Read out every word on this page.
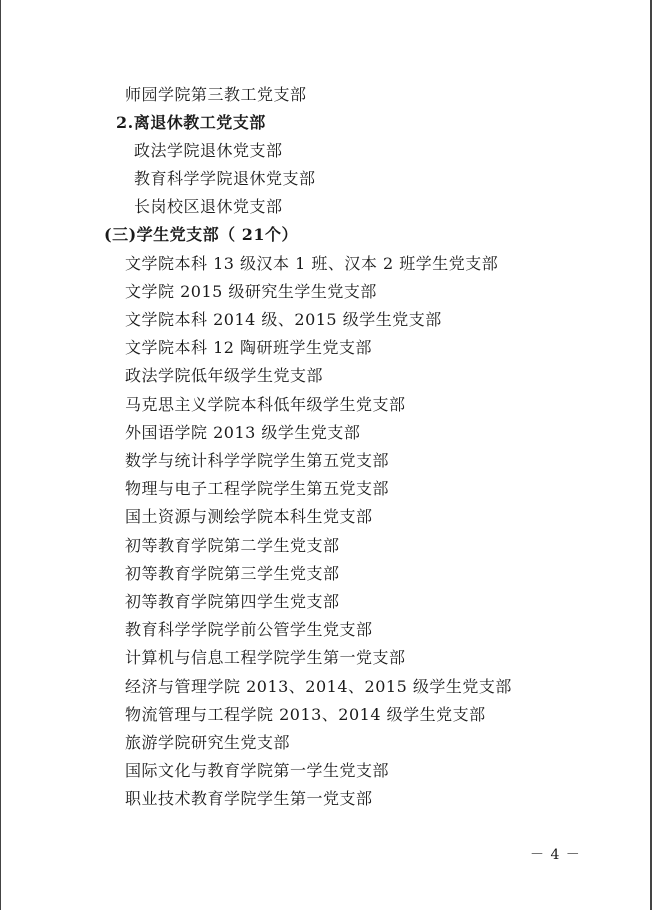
师园学院第三教工党支部
2.离退休教工党支部
政法学院退休党支部
教育科学学院退休党支部
长岗校区退休党支部
(三)学生党支部（ 21个）
文学院本科 13 级汉本 1 班、汉本 2 班学生党支部
文学院 2015 级研究生学生党支部
文学院本科 2014 级、2015 级学生党支部
文学院本科 12 陶研班学生党支部
政法学院低年级学生党支部
马克思主义学院本科低年级学生党支部
外国语学院 2013 级学生党支部
数学与统计科学学院学生第五党支部
物理与电子工程学院学生第五党支部
国土资源与测绘学院本科生党支部
初等教育学院第二学生党支部
初等教育学院第三学生党支部
初等教育学院第四学生党支部
教育科学学院学前公管学生党支部
计算机与信息工程学院学生第一党支部
经济与管理学院 2013、2014、2015 级学生党支部
物流管理与工程学院 2013、2014 级学生党支部
旅游学院研究生党支部
国际文化与教育学院第一学生党支部
职业技术教育学院学生第一党支部
－ 4 －
